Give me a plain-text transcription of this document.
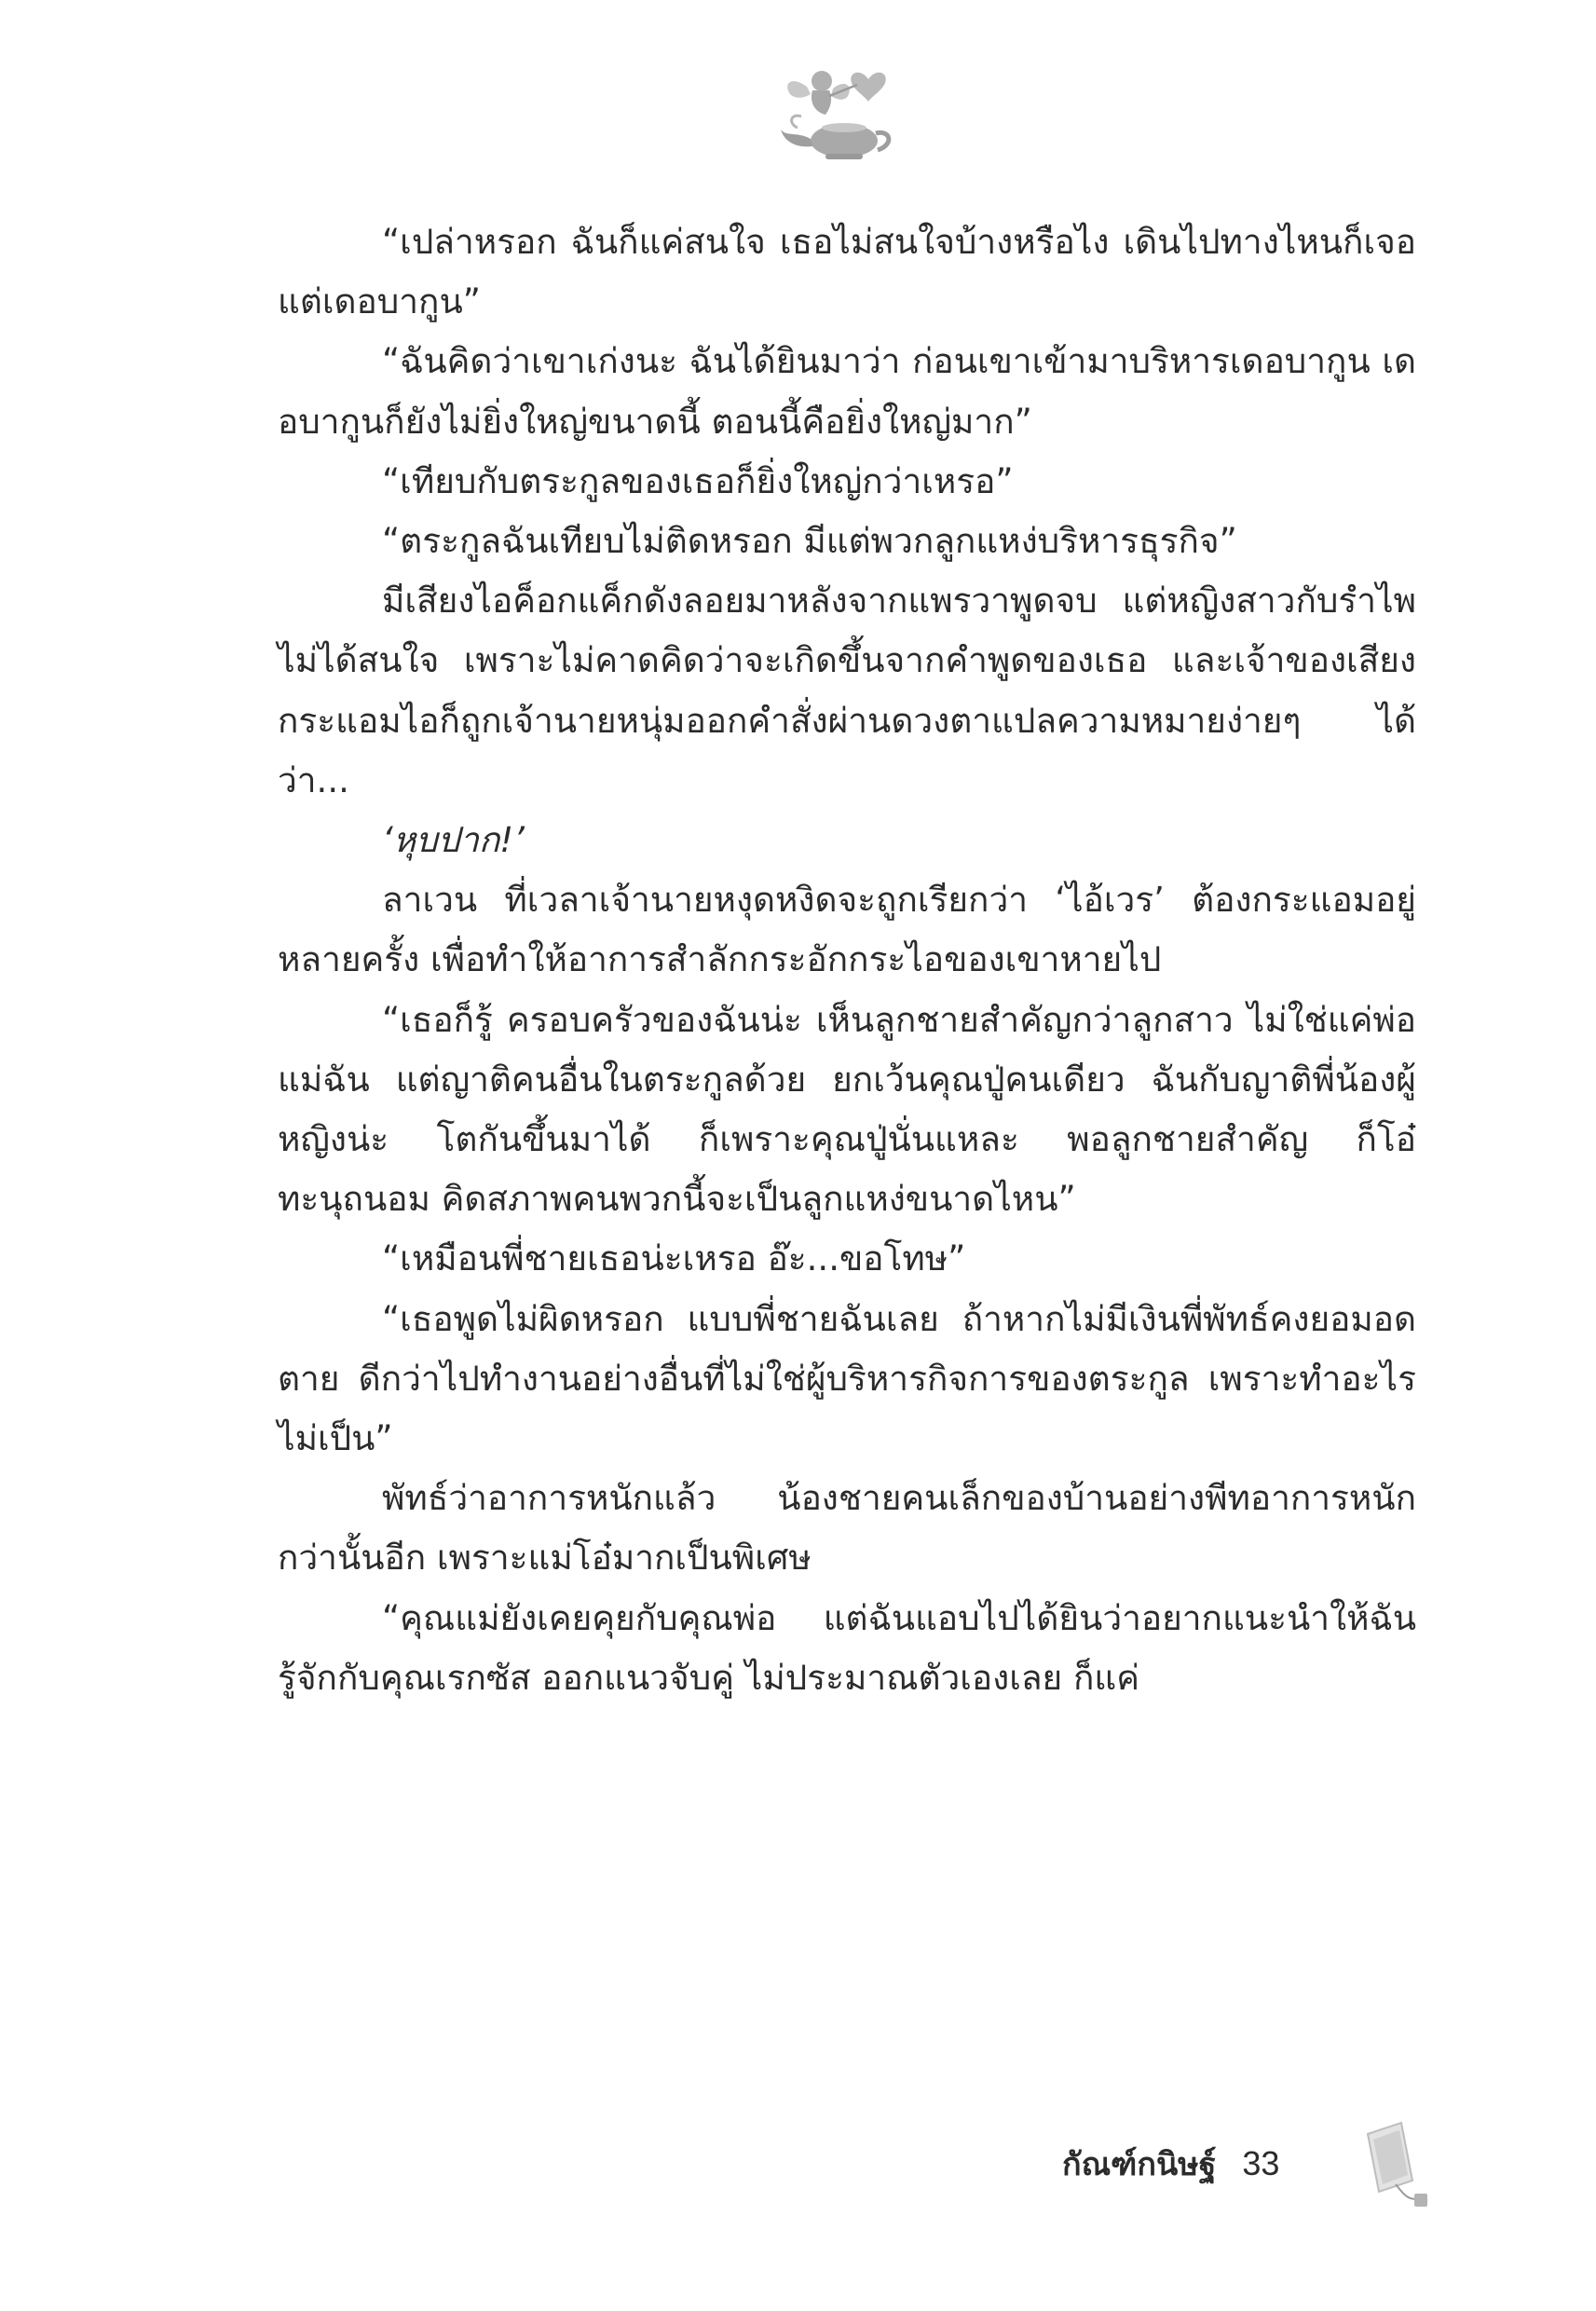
“เปล่าหรอก ฉันก็แค่สนใจ เธอไม่สนใจบ้างหรือไง เดินไปทางไหนก็เจอแต่เดอบากูน”

“ฉันคิดว่าเขาเก่งนะ ฉันได้ยินมาว่า ก่อนเขาเข้ามาบริหารเดอบากูน เดอบากูนก็ยังไม่ยิ่งใหญ่ขนาดนี้ ตอนนี้คือยิ่งใหญ่มาก”

“เทียบกับตระกูลของเธอก็ยิ่งใหญ่กว่าเหรอ”

“ตระกูลฉันเทียบไม่ติดหรอก มีแต่พวกลูกแหง่บริหารธุรกิจ”

มีเสียงไอค็อกแค็กดังลอยมาหลังจากแพรวาพูดจบ แต่หญิงสาวกับรำไพไม่ได้สนใจ เพราะไม่คาดคิดว่าจะเกิดขึ้นจากคำพูดของเธอ และเจ้าของเสียงกระแอมไอก็ถูกเจ้านายหนุ่มออกคำสั่งผ่านดวงตาแปลความหมายง่ายๆ ได้ว่า...

‘หุบปาก!’

ลาเวน ที่เวลาเจ้านายหงุดหงิดจะถูกเรียกว่า ‘ไอ้เวร’ ต้องกระแอมอยู่หลายครั้ง เพื่อทำให้อาการสำลักกระอักกระไอของเขาหายไป

“เธอก็รู้ ครอบครัวของฉันน่ะ เห็นลูกชายสำคัญกว่าลูกสาว ไม่ใช่แค่พ่อแม่ฉัน แต่ญาติคนอื่นในตระกูลด้วย ยกเว้นคุณปู่คนเดียว ฉันกับญาติพี่น้องผู้หญิงน่ะ โตกันขึ้นมาได้ ก็เพราะคุณปู่นั่นแหละ พอลูกชายสำคัญ ก็โอ๋ ทะนุถนอม คิดสภาพคนพวกนี้จะเป็นลูกแหง่ขนาดไหน”

“เหมือนพี่ชายเธอน่ะเหรอ อ๊ะ...ขอโทษ”

“เธอพูดไม่ผิดหรอก แบบพี่ชายฉันเลย ถ้าหากไม่มีเงินพี่พัทธ์คงยอมอดตาย ดีกว่าไปทำงานอย่างอื่นที่ไม่ใช่ผู้บริหารกิจการของตระกูล เพราะทำอะไรไม่เป็น”

พัทธ์ว่าอาการหนักแล้ว น้องชายคนเล็กของบ้านอย่างพีทอาการหนักกว่านั้นอีก เพราะแม่โอ๋มากเป็นพิเศษ

“คุณแม่ยังเคยคุยกับคุณพ่อ แต่ฉันแอบไปได้ยินว่าอยากแนะนำให้ฉันรู้จักกับคุณเรกซัส ออกแนวจับคู่ ไม่ประมาณตัวเองเลย ก็แค่

กัณฑ์กนิษฐ์ 33
